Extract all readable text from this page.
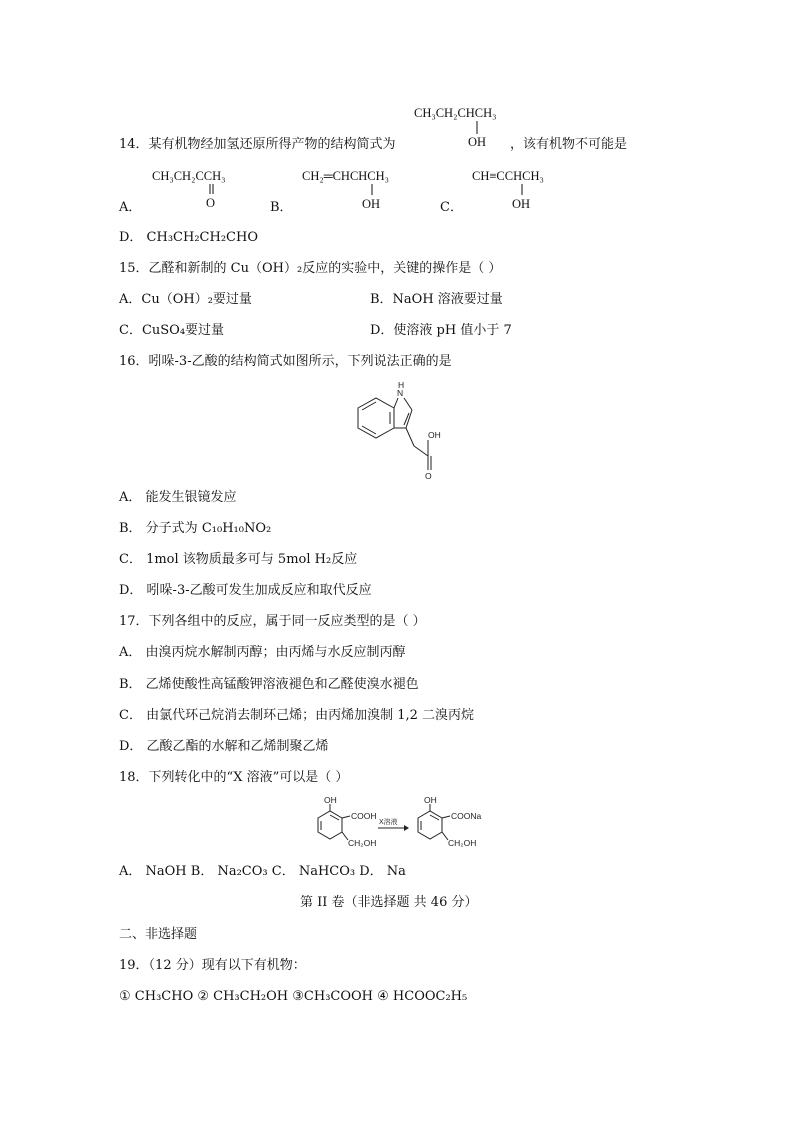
CH₃CH₂CHCH₃
OH
14．某有机物经加氢还原所得产物的结构简式为	，该有机物不可能是
CH₃CH₂CCH₃
O
CH₂═CHCHCH₃
OH
CH≡CCHCH₃
OH
A．	B．	C．
D． CH₃CH₂CH₂CHO
15．乙醛和新制的 Cu（OH）₂反应的实验中，关键的操作是（ ）
A．Cu（OH）₂要过量	B．NaOH 溶液要过量
C．CuSO₄要过量	D．使溶液 pH 值小于 7
16．吲哚-3-乙酸的结构简式如图所示，下列说法正确的是
N
H
OH
O
A． 能发生银镜发应
B． 分子式为 C₁₀H₁₀NO₂
C． 1mol 该物质最多可与 5mol H₂反应
D． 吲哚-3-乙酸可发生加成反应和取代反应
17．下列各组中的反应，属于同一反应类型的是（ ）
A． 由溴丙烷水解制丙醇；由丙烯与水反应制丙醇
B． 乙烯使酸性高锰酸钾溶液褪色和乙醛使溴水褪色
C． 由氯代环己烷消去制环己烯；由丙烯加溴制 1,2 二溴丙烷
D． 乙酸乙酯的水解和乙烯制聚乙烯
18．下列转化中的“X 溶液”可以是（ ）
OH
COOH
CH₂OH
X溶液
OH
COONa
CH₂OH
A． NaOH B． Na₂CO₃ C． NaHCO₃ D． Na
第 II 卷（非选择题 共 46 分）
二、非选择题
19．（12 分）现有以下有机物：
① CH₃CHO ② CH₃CH₂OH ③CH₃COOH ④ HCOOC₂H₅
